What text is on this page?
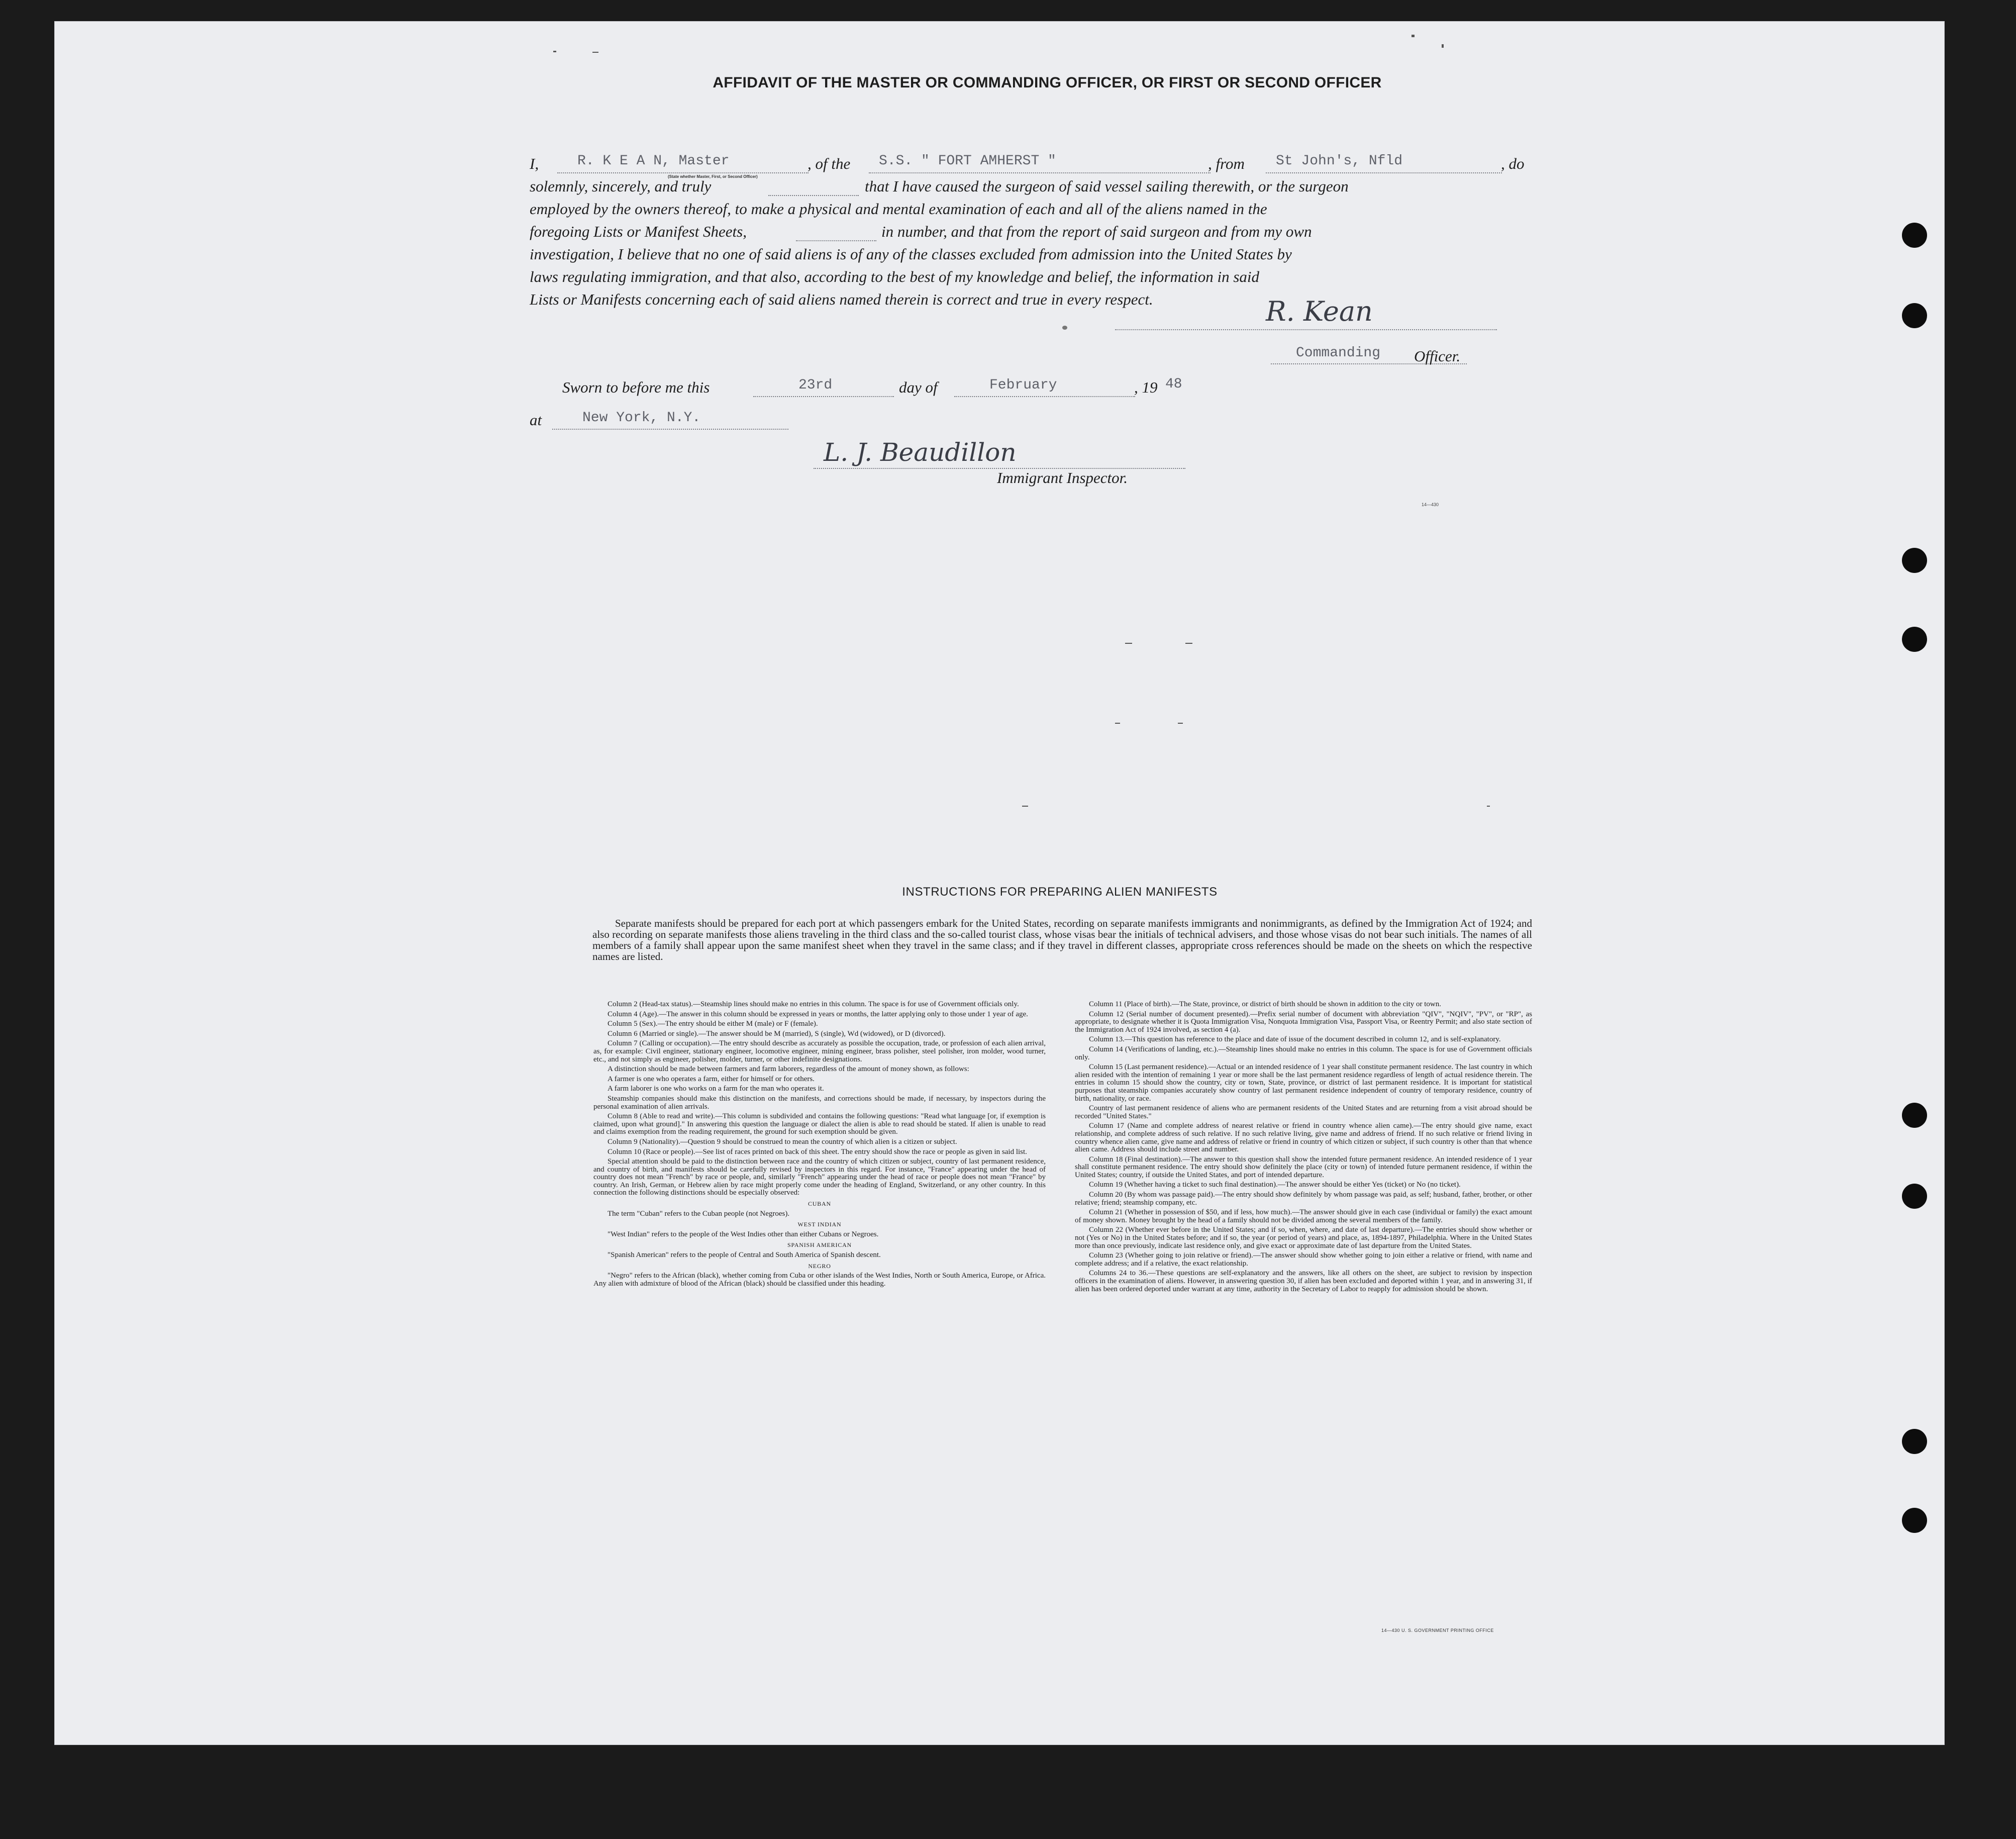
AFFIDAVIT OF THE MASTER OR COMMANDING OFFICER, OR FIRST OR SECOND OFFICER
I,	R. K E A N, Master
(State whether Master, First, or Second Officer)
, of the S.S. " FORT AMHERST "	, from St John's, Nfld	, do
solemnly, sincerely, and truly	that I have caused the surgeon of said vessel sailing therewith, or the surgeon
employed by the owners thereof, to make a physical and mental examination of each and all of the aliens named in the
foregoing Lists or Manifest Sheets,	in number, and that from the report of said surgeon and from my own
investigation, I believe that no one of said aliens is of any of the classes excluded from admission into the United States by
laws regulating immigration, and that also, according to the best of my knowledge and belief, the information in said
Lists or Manifests concerning each of said aliens named therein is correct and true in every respect.	R. Kean
Commanding Officer.
Sworn to before me this	23rd	day of	February	, 19 48
at	New York, N.Y.
L. J. Beaudillon
Immigrant Inspector.
14—430
INSTRUCTIONS FOR PREPARING ALIEN MANIFESTS
Separate manifests should be prepared for each port at which passengers embark for the United States, recording on separate manifests immigrants and nonimmigrants, as defined by the Immigration Act of 1924; and also recording on separate manifests those aliens traveling in the third class and the so-called tourist class, whose visas bear the initials of technical advisers, and those whose visas do not bear such initials. The names of all members of a family shall appear upon the same manifest sheet when they travel in the same class; and if they travel in different classes, appropriate cross references should be made on the sheets on which the respective names are listed.

Column 2 (Head-tax status).—Steamship lines should make no entries in this column. The space is for use of Government officials only.

Column 4 (Age).—The answer in this column should be expressed in years or months, the latter applying only to those under 1 year of age.

Column 5 (Sex).—The entry should be either M (male) or F (female).

Column 6 (Married or single).—The answer should be M (married), S (single), Wd (widowed), or D (divorced).

Column 7 (Calling or occupation).—The entry should describe as accurately as possible the occupation, trade, or profession of each alien arrival, as, for example: Civil engineer, stationary engineer, locomotive engineer, mining engineer, brass polisher, steel polisher, iron molder, wood turner, etc., and not simply as engineer, polisher, molder, turner, or other indefinite designations.

A distinction should be made between farmers and farm laborers, regardless of the amount of money shown, as follows:

A farmer is one who operates a farm, either for himself or for others.

A farm laborer is one who works on a farm for the man who operates it.

Steamship companies should make this distinction on the manifests, and corrections should be made, if necessary, by inspectors during the personal examination of alien arrivals.

Column 8 (Able to read and write).—This column is subdivided and contains the following questions: "Read what language [or, if exemption is claimed, upon what ground]." In answering this question the language or dialect the alien is able to read should be stated. If alien is unable to read and claims exemption from the reading requirement, the ground for such exemption should be given.

Column 9 (Nationality).—Question 9 should be construed to mean the country of which alien is a citizen or subject.

Column 10 (Race or people).—See list of races printed on back of this sheet. The entry should show the race or people as given in said list.

Special attention should be paid to the distinction between race and the country of which citizen or subject, country of last permanent residence, and country of birth, and manifests should be carefully revised by inspectors in this regard. For instance, "France" appearing under the head of country does not mean "French" by race or people, and, similarly "French" appearing under the head of race or people does not mean "France" by country. An Irish, German, or Hebrew alien by race might properly come under the heading of England, Switzerland, or any other country. In this connection the following distinctions should be especially observed:

CUBAN

The term "Cuban" refers to the Cuban people (not Negroes).

WEST INDIAN

"West Indian" refers to the people of the West Indies other than either Cubans or Negroes.

SPANISH AMERICAN

"Spanish American" refers to the people of Central and South America of Spanish descent.

NEGRO

"Negro" refers to the African (black), whether coming from Cuba or other islands of the West Indies, North or South America, Europe, or Africa. Any alien with admixture of blood of the African (black) should be classified under this heading.

Column 11 (Place of birth).—The State, province, or district of birth should be shown in addition to the city or town.

Column 12 (Serial number of document presented).—Prefix serial number of document with abbreviation "QIV", "NQIV", "PV", or "RP", as appropriate, to designate whether it is Quota Immigration Visa, Nonquota Immigration Visa, Passport Visa, or Reentry Permit; and also state section of the Immigration Act of 1924 involved, as section 4 (a).

Column 13.—This question has reference to the place and date of issue of the document described in column 12, and is self-explanatory.

Column 14 (Verifications of landing, etc.).—Steamship lines should make no entries in this column. The space is for use of Government officials only.

Column 15 (Last permanent residence).—Actual or an intended residence of 1 year shall constitute permanent residence. The last country in which alien resided with the intention of remaining 1 year or more shall be the last permanent residence regardless of length of actual residence therein. The entries in column 15 should show the country, city or town, State, province, or district of last permanent residence. It is important for statistical purposes that steamship companies accurately show country of last permanent residence independent of country of temporary residence, country of birth, nationality, or race.

Country of last permanent residence of aliens who are permanent residents of the United States and are returning from a visit abroad should be recorded "United States."

Column 17 (Name and complete address of nearest relative or friend in country whence alien came).—The entry should give name, exact relationship, and complete address of such relative. If no such relative living, give name and address of friend. If no such relative or friend living in country whence alien came, give name and address of relative or friend in country of which citizen or subject, if such country is other than that whence alien came. Address should include street and number.

Column 18 (Final destination).—The answer to this question shall show the intended future permanent residence. An intended residence of 1 year shall constitute permanent residence. The entry should show definitely the place (city or town) of intended future permanent residence, if within the United States; country, if outside the United States, and port of intended departure.

Column 19 (Whether having a ticket to such final destination).—The answer should be either Yes (ticket) or No (no ticket).

Column 20 (By whom was passage paid).—The entry should show definitely by whom passage was paid, as self; husband, father, brother, or other relative; friend; steamship company, etc.

Column 21 (Whether in possession of $50, and if less, how much).—The answer should give in each case (individual or family) the exact amount of money shown. Money brought by the head of a family should not be divided among the several members of the family.

Column 22 (Whether ever before in the United States; and if so, when, where, and date of last departure).—The entries should show whether or not (Yes or No) in the United States before; and if so, the year (or period of years) and place, as, 1894-1897, Philadelphia. Where in the United States more than once previously, indicate last residence only, and give exact or approximate date of last departure from the United States.

Column 23 (Whether going to join relative or friend).—The answer should show whether going to join either a relative or friend, with name and complete address; and if a relative, the exact relationship.

Columns 24 to 36.—These questions are self-explanatory and the answers, like all others on the sheet, are subject to revision by inspection officers in the examination of aliens. However, in answering question 30, if alien has been excluded and deported within 1 year, and in answering 31, if alien has been ordered deported under warrant at any time, authority in the Secretary of Labor to reapply for admission should be shown.

14—430 U. S. GOVERNMENT PRINTING OFFICE
